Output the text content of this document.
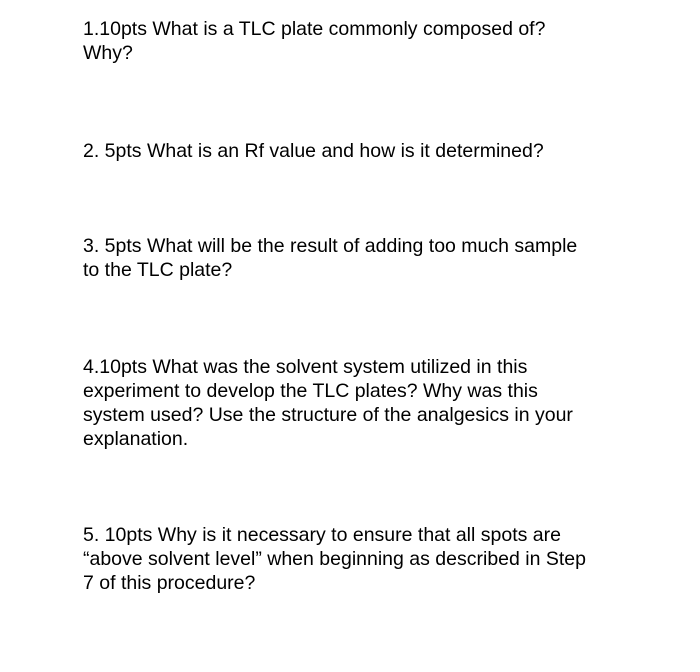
1.10pts What is a TLC plate commonly composed of?
Why?
2. 5pts What is an Rf value and how is it determined?
3. 5pts What will be the result of adding too much sample
to the TLC plate?
4.10pts What was the solvent system utilized in this
experiment to develop the TLC plates? Why was this
system used? Use the structure of the analgesics in your
explanation.
5. 10pts Why is it necessary to ensure that all spots are
“above solvent level” when beginning as described in Step
7 of this procedure?
